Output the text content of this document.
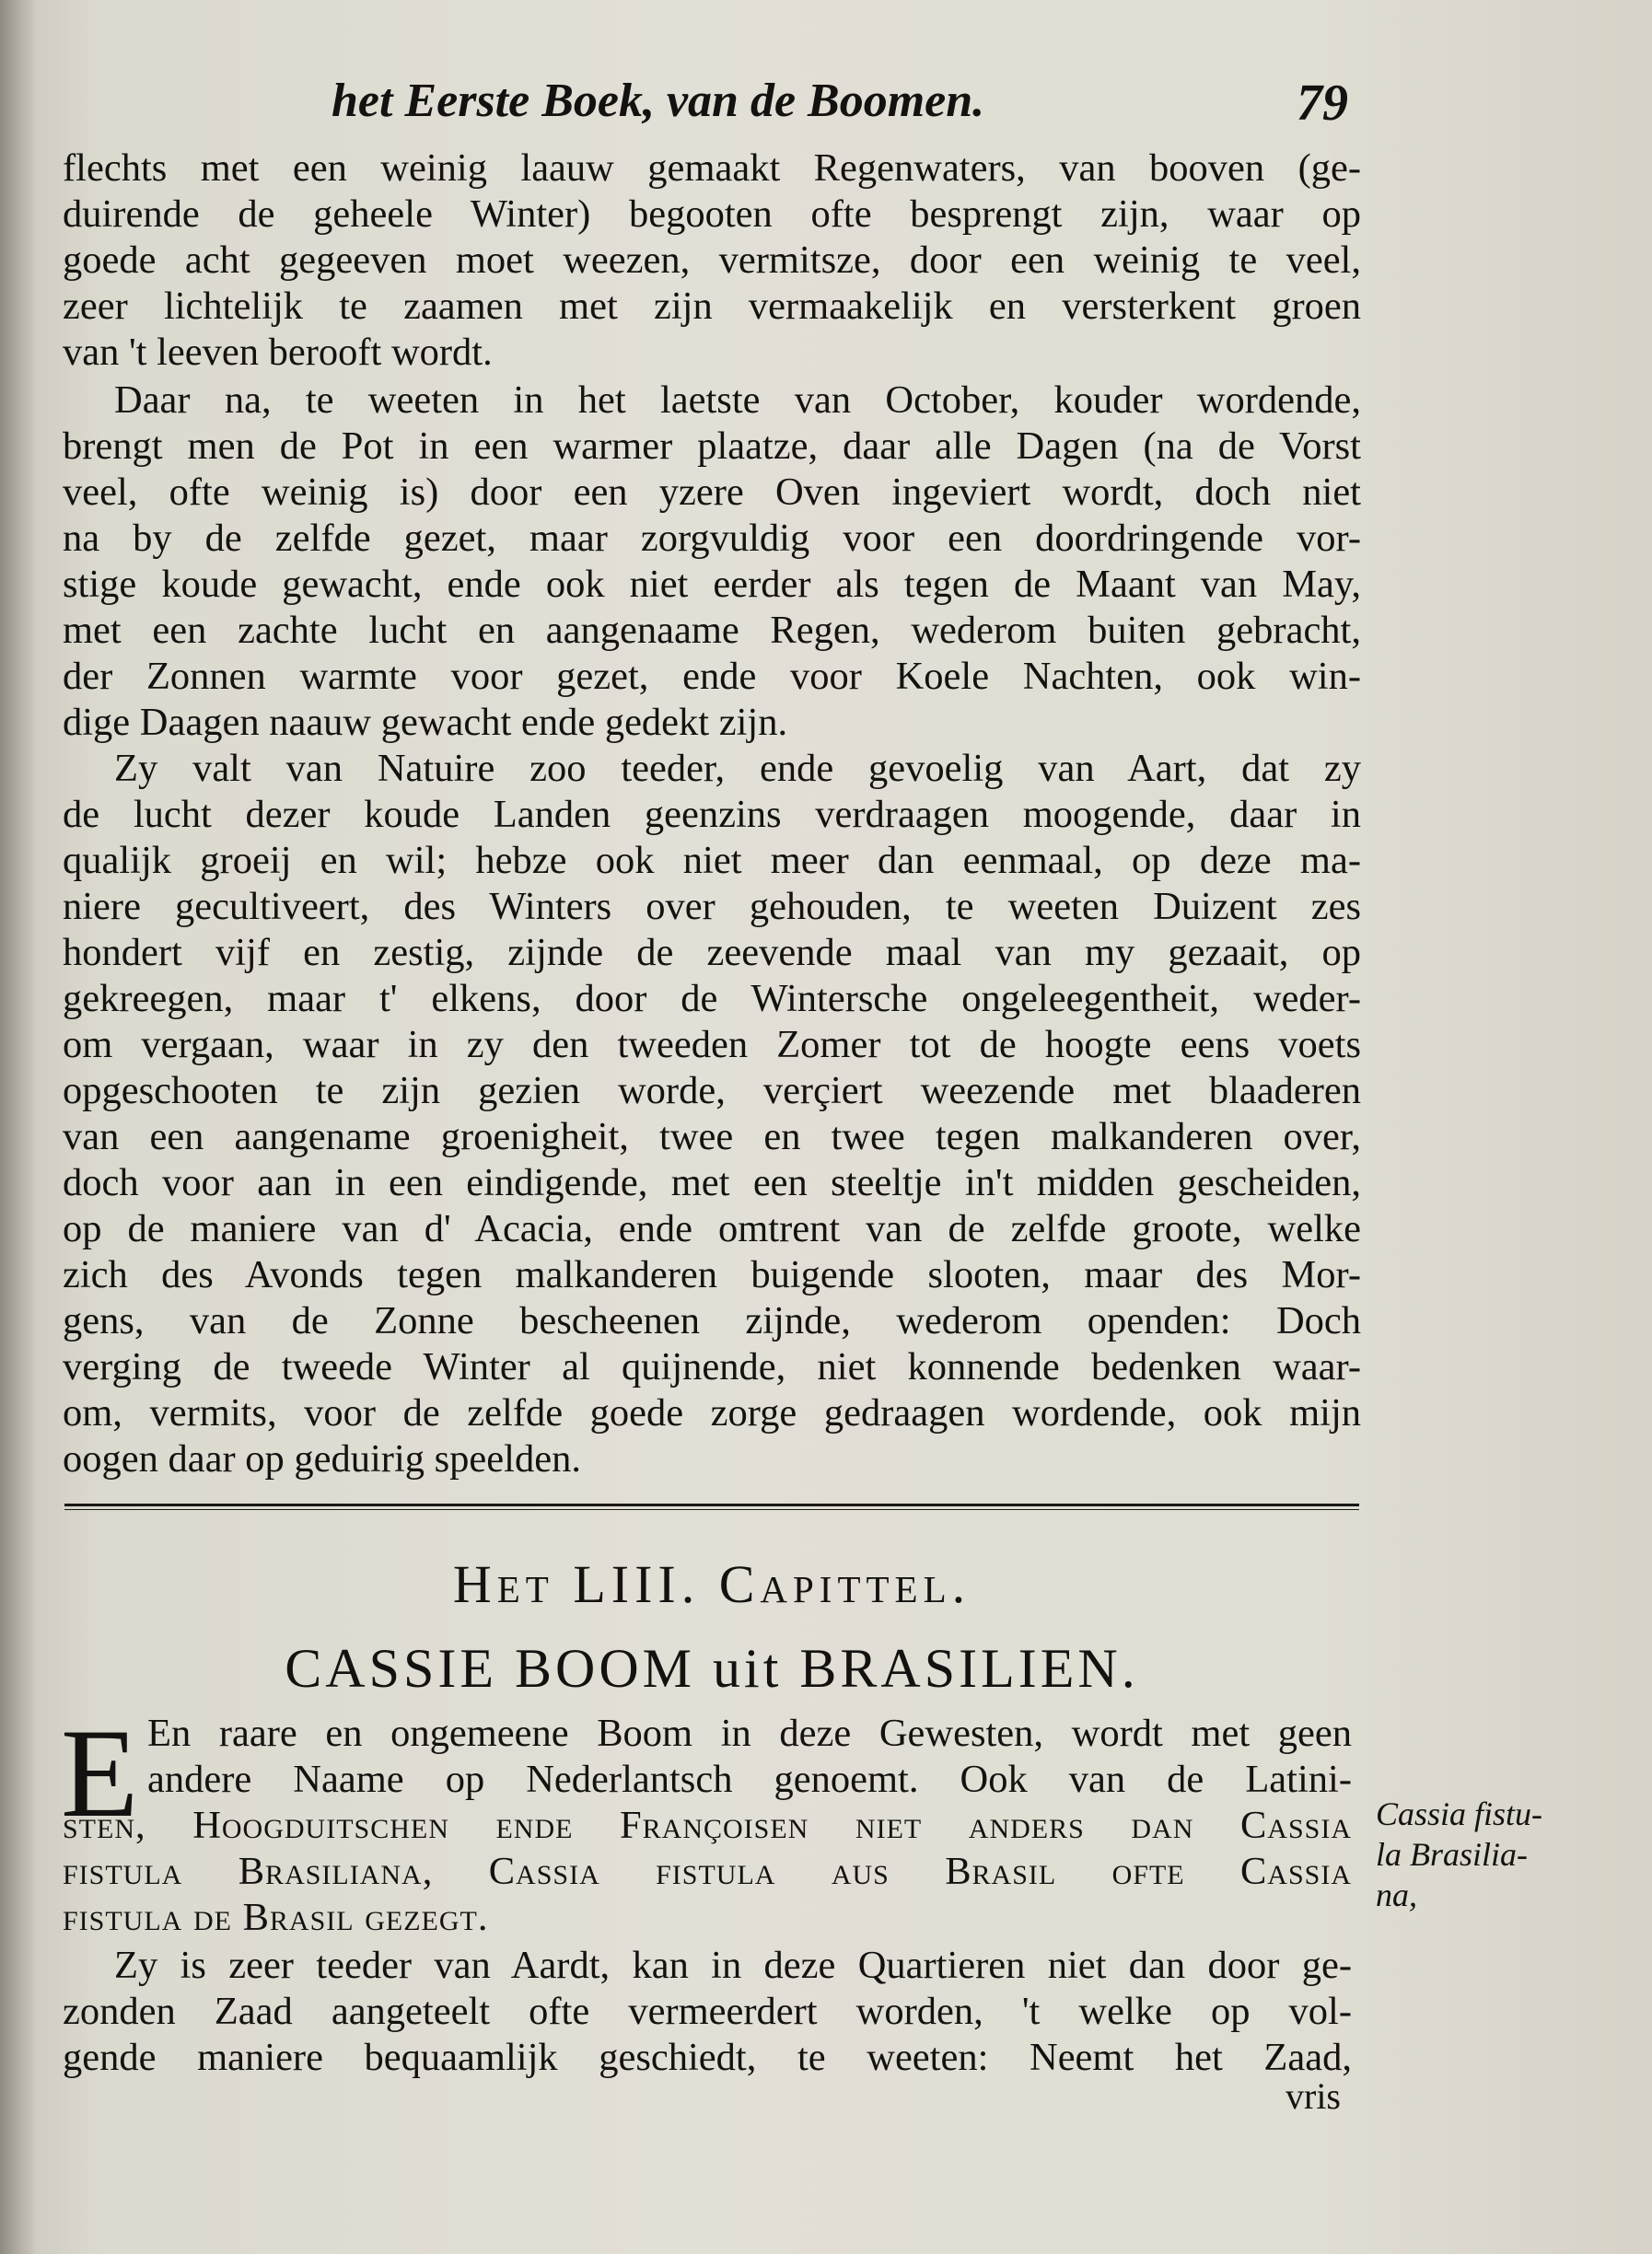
het Eerste Boek, van de Boomen.	79
flechts met een weinig laauw gemaakt Regenwaters, van booven (ge-
duirende de geheele Winter) begooten ofte besprengt zijn, waar op
goede acht gegeeven moet weezen, vermitsze, door een weinig te veel,
zeer lichtelijk te zaamen met zijn vermaakelijk en versterkent groen
van 't leeven berooft wordt.
Daar na, te weeten in het laetste van October, kouder wordende,
brengt men de Pot in een warmer plaatze, daar alle Dagen (na de Vorst
veel, ofte weinig is) door een yzere Oven ingeviert wordt, doch niet
na by de zelfde gezet, maar zorgvuldig voor een doordringende vor-
stige koude gewacht, ende ook niet eerder als tegen de Maant van May,
met een zachte lucht en aangenaame Regen, wederom buiten gebracht,
der Zonnen warmte voor gezet, ende voor Koele Nachten, ook win-
dige Daagen naauw gewacht ende gedekt zijn.
Zy valt van Natuire zoo teeder, ende gevoelig van Aart, dat zy
de lucht dezer koude Landen geenzins verdraagen moogende, daar in
qualijk groeij en wil; hebze ook niet meer dan eenmaal, op deze ma-
niere gecultiveert, des Winters over gehouden, te weeten Duizent zes
hondert vijf en zestig, zijnde de zeevende maal van my gezaait, op
gekreegen, maar t' elkens, door de Wintersche ongeleegentheit, weder-
om vergaan, waar in zy den tweeden Zomer tot de hoogte eens voets
opgeschooten te zijn gezien worde, verçiert weezende met blaaderen
van een aangename groenigheit, twee en twee tegen malkanderen over,
doch voor aan in een eindigende, met een steeltje in't midden gescheiden,
op de maniere van d' Acacia, ende omtrent van de zelfde groote, welke
zich des Avonds tegen malkanderen buigende slooten, maar des Mor-
gens, van de Zonne bescheenen zijnde, wederom openden: Doch
verging de tweede Winter al quijnende, niet konnende bedenken waar-
om, vermits, voor de zelfde goede zorge gedraagen wordende, ook mijn
oogen daar op geduirig speelden.
Het LIII. Capittel.
CASSIE BOOM uit BRASILIEN.
E En raare en ongemeene Boom in deze Gewesten, wordt met geen
andere Naame op Nederlantsch genoemt. Ook van de Latini-
sten, Hoogduitschen ende Françoisen niet anders dan Cassia
fistula Brasiliana, Cassia fistula aus Brasil ofte Cassia
fistula de Brasil gezegt.
Zy is zeer teeder van Aardt, kan in deze Quartieren niet dan door ge-
zonden Zaad aangeteelt ofte vermeerdert worden, 't welke op vol-
gende maniere bequaamlijk geschiedt, te weeten: Neemt het Zaad,
vris
Cassia fistu-
la Brasilia-
na,
